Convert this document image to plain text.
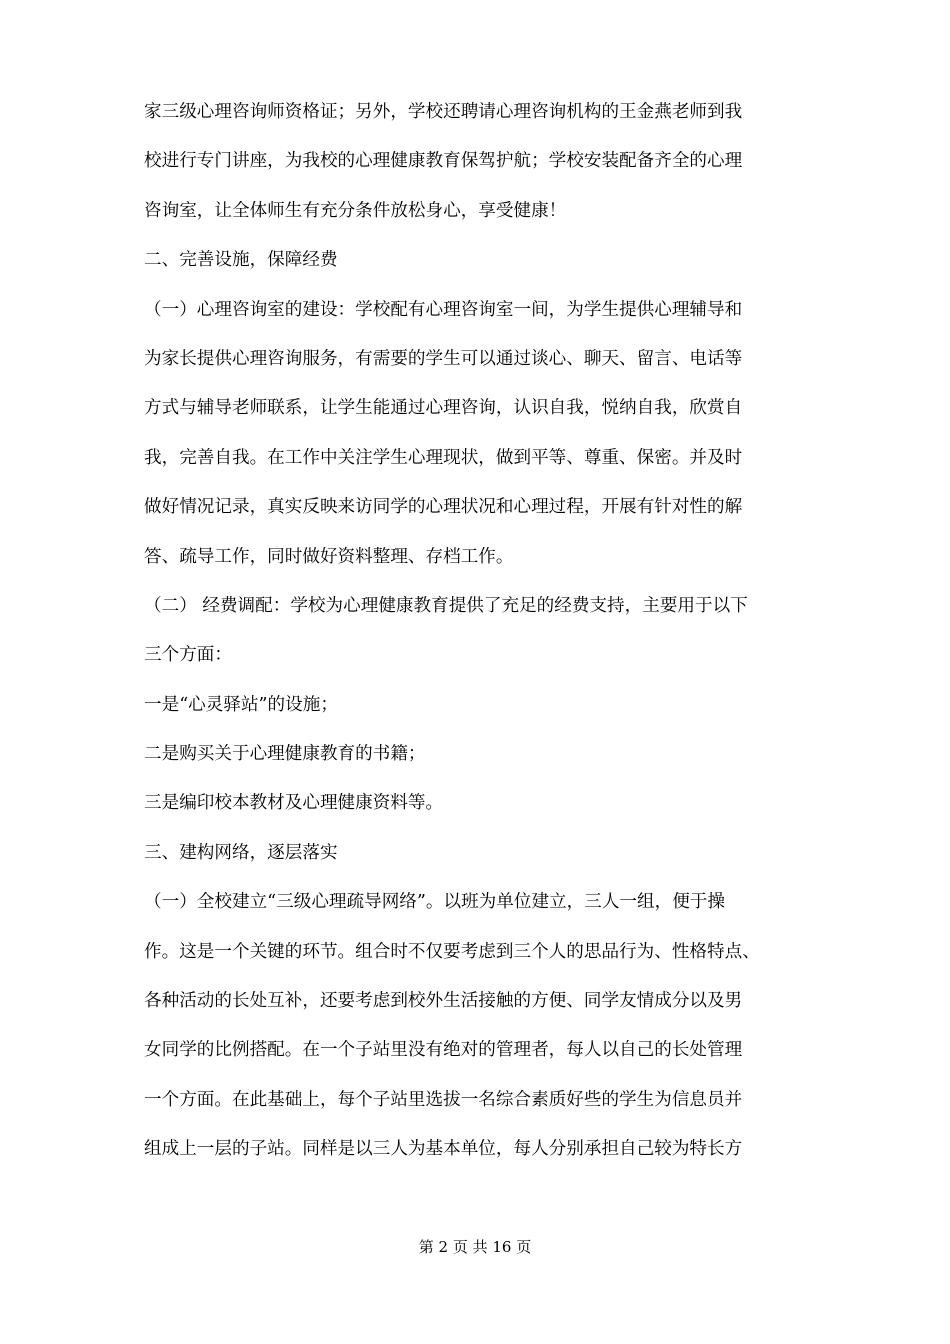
家三级心理咨询师资格证；另外，学校还聘请心理咨询机构的王金燕老师到我
校进行专门讲座，为我校的心理健康教育保驾护航；学校安装配备齐全的心理
咨询室，让全体师生有充分条件放松身心，享受健康！
二、完善设施，保障经费
（一）心理咨询室的建设：学校配有心理咨询室一间，为学生提供心理辅导和
为家长提供心理咨询服务，有需要的学生可以通过谈心、聊天、留言、电话等
方式与辅导老师联系，让学生能通过心理咨询，认识自我，悦纳自我，欣赏自
我，完善自我。在工作中关注学生心理现状，做到平等、尊重、保密。并及时
做好情况记录，真实反映来访同学的心理状况和心理过程，开展有针对性的解
答、疏导工作，同时做好资料整理、存档工作。
（二） 经费调配：学校为心理健康教育提供了充足的经费支持，主要用于以下
三个方面：
一是“心灵驿站”的设施；
二是购买关于心理健康教育的书籍；
三是编印校本教材及心理健康资料等。
三、建构网络，逐层落实
（一）全校建立“三级心理疏导网络”。以班为单位建立，三人一组，便于操
作。这是一个关键的环节。组合时不仅要考虑到三个人的思品行为、性格特点、
各种活动的长处互补，还要考虑到校外生活接触的方便、同学友情成分以及男
女同学的比例搭配。在一个子站里没有绝对的管理者，每人以自己的长处管理
一个方面。在此基础上，每个子站里选拔一名综合素质好些的学生为信息员并
组成上一层的子站。同样是以三人为基本单位，每人分别承担自己较为特长方
第 2 页 共 16 页
